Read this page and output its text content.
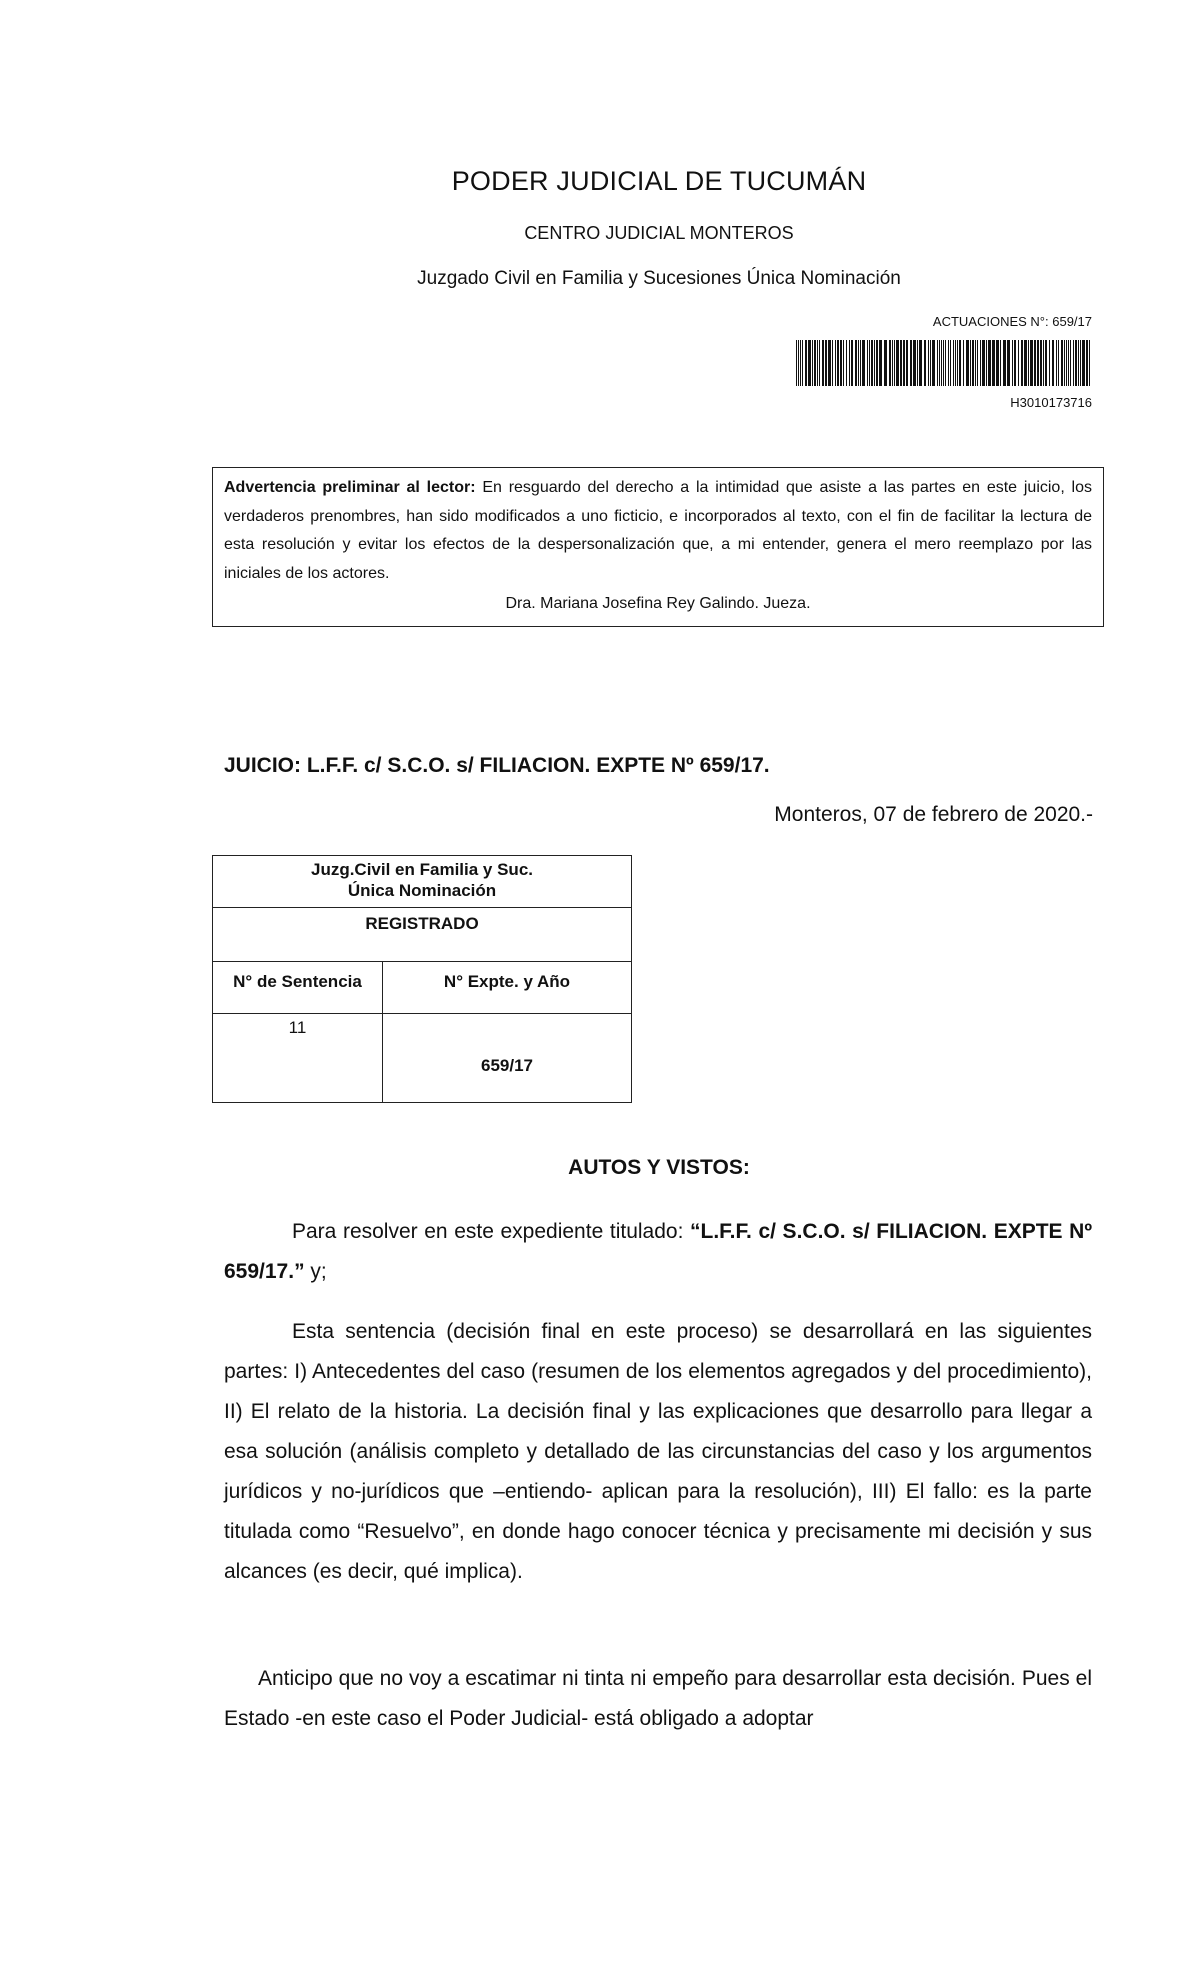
PODER JUDICIAL DE TUCUMÁN
CENTRO JUDICIAL MONTEROS
Juzgado Civil en Familia y Sucesiones Única Nominación
ACTUACIONES N°: 659/17
H3010173716
Advertencia preliminar al lector: En resguardo del derecho a la intimidad que asiste a las partes en este juicio, los verdaderos prenombres, han sido modificados a uno ficticio, e incorporados al texto, con el fin de facilitar la lectura de esta resolución y evitar los efectos de la despersonalización que, a mi entender, genera el mero reemplazo por las iniciales de los actores.
Dra. Mariana Josefina Rey Galindo. Jueza.
JUICIO: L.F.F. c/ S.C.O. s/ FILIACION. EXPTE Nº 659/17.
Monteros, 07 de febrero de 2020.-
Juzg.Civil en Familia y Suc.
Única Nominación
REGISTRADO
N° de Sentencia
11
N° Expte. y Año
659/17
AUTOS Y VISTOS:
Para resolver en este expediente titulado: “L.F.F. c/ S.C.O. s/ FILIACION. EXPTE Nº 659/17.” y;
Esta sentencia (decisión final en este proceso) se desarrollará en las siguientes partes: I) Antecedentes del caso (resumen de los elementos agregados y del procedimiento), II) El relato de la historia. La decisión final y las explicaciones que desarrollo para llegar a esa solución (análisis completo y detallado de las circunstancias del caso y los argumentos jurídicos y no-jurídicos que –entiendo- aplican para la resolución), III) El fallo: es la parte titulada como “Resuelvo”, en donde hago conocer técnica y precisamente mi decisión y sus alcances (es decir, qué implica).
Anticipo que no voy a escatimar ni tinta ni empeño para desarrollar esta decisión. Pues el Estado -en este caso el Poder Judicial- está obligado a adoptar
